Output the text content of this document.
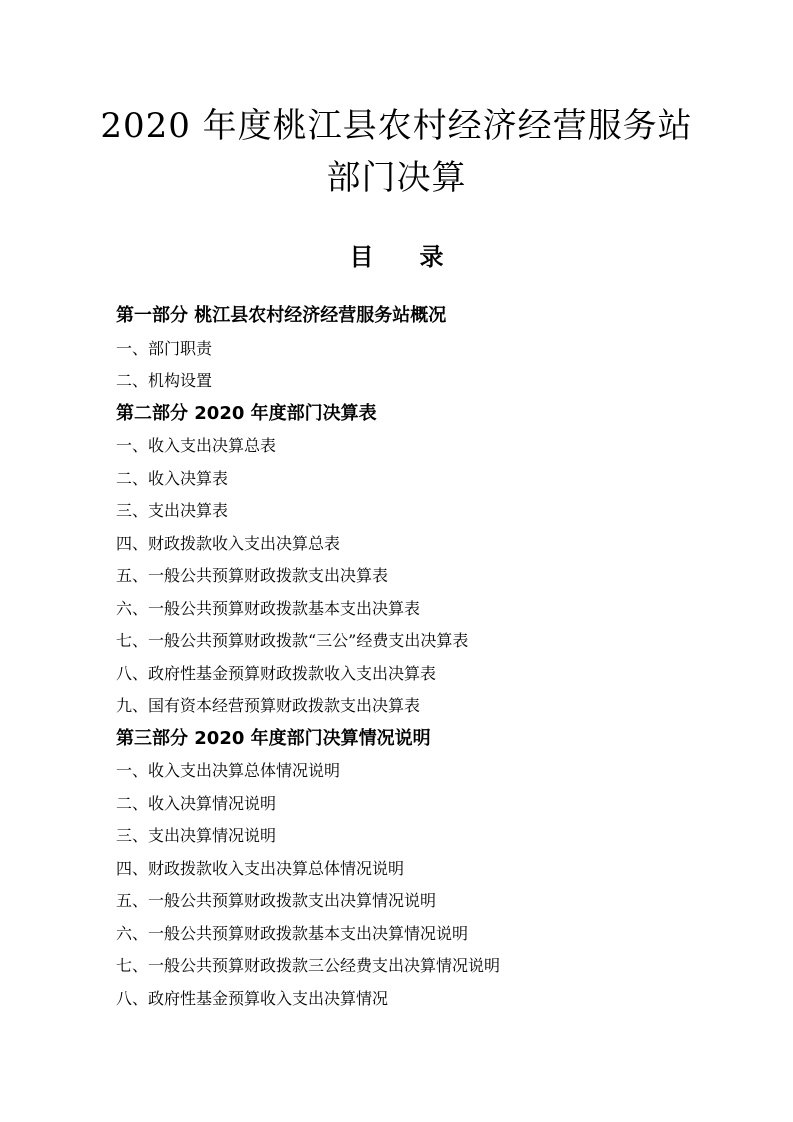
2020 年度桃江县农村经济经营服务站
部门决算
目 录
第一部分 桃江县农村经济经营服务站概况
一、部门职责
二、机构设置
第二部分 2020 年度部门决算表
一、收入支出决算总表
二、收入决算表
三、支出决算表
四、财政拨款收入支出决算总表
五、一般公共预算财政拨款支出决算表
六、一般公共预算财政拨款基本支出决算表
七、一般公共预算财政拨款“三公”经费支出决算表
八、政府性基金预算财政拨款收入支出决算表
九、国有资本经营预算财政拨款支出决算表
第三部分 2020 年度部门决算情况说明
一、收入支出决算总体情况说明
二、收入决算情况说明
三、支出决算情况说明
四、财政拨款收入支出决算总体情况说明
五、一般公共预算财政拨款支出决算情况说明
六、一般公共预算财政拨款基本支出决算情况说明
七、一般公共预算财政拨款三公经费支出决算情况说明
八、政府性基金预算收入支出决算情况
